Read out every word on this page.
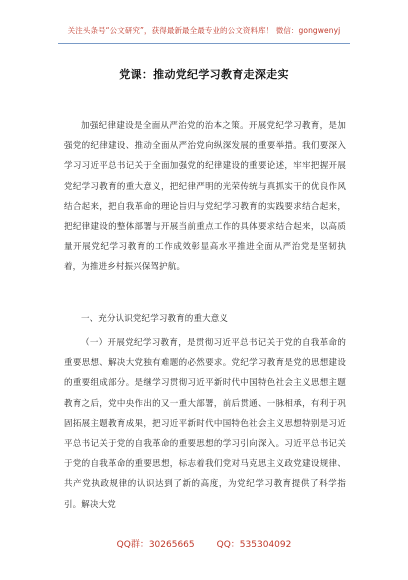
关注头条号“公文研究”，获得最新最全最专业的公文资料库！ 微信：gongwenyj
党课：推动党纪学习教育走深走实
加强纪律建设是全面从严治党的治本之策。开展党纪学习教育，是加强党的纪律建设、推动全面从严治党向纵深发展的重要举措。我们要深入学习习近平总书记关于全面加强党的纪律建设的重要论述，牢牢把握开展党纪学习教育的重大意义，把纪律严明的光荣传统与真抓实干的优良作风结合起来，把自我革命的理论旨归与党纪学习教育的实践要求结合起来，把纪律建设的整体部署与开展当前重点工作的具体要求结合起来，以高质量开展党纪学习教育的工作成效彰显高水平推进全面从严治党是坚韧执着，为推进乡村振兴保驾护航。
一、充分认识党纪学习教育的重大意义
（一）开展党纪学习教育，是贯彻习近平总书记关于党的自我革命的重要思想、解决大党独有难题的必然要求。党纪学习教育是党的思想建设的重要组成部分。是继学习贯彻习近平新时代中国特色社会主义思想主题教育之后，党中央作出的又一重大部署，前后贯通、一脉相承，有利于巩固拓展主题教育成果，把习近平新时代中国特色社会主义思想特别是习近平总书记关于党的自我革命的重要思想的学习引向深入。习近平总书记关于党的自我革命的重要思想，标志着我们党对马克思主义政党建设规律、共产党执政规律的认识达到了新的高度，为党纪学习教育提供了科学指引。解决大党
QQ群：30265665 QQ：535304092
